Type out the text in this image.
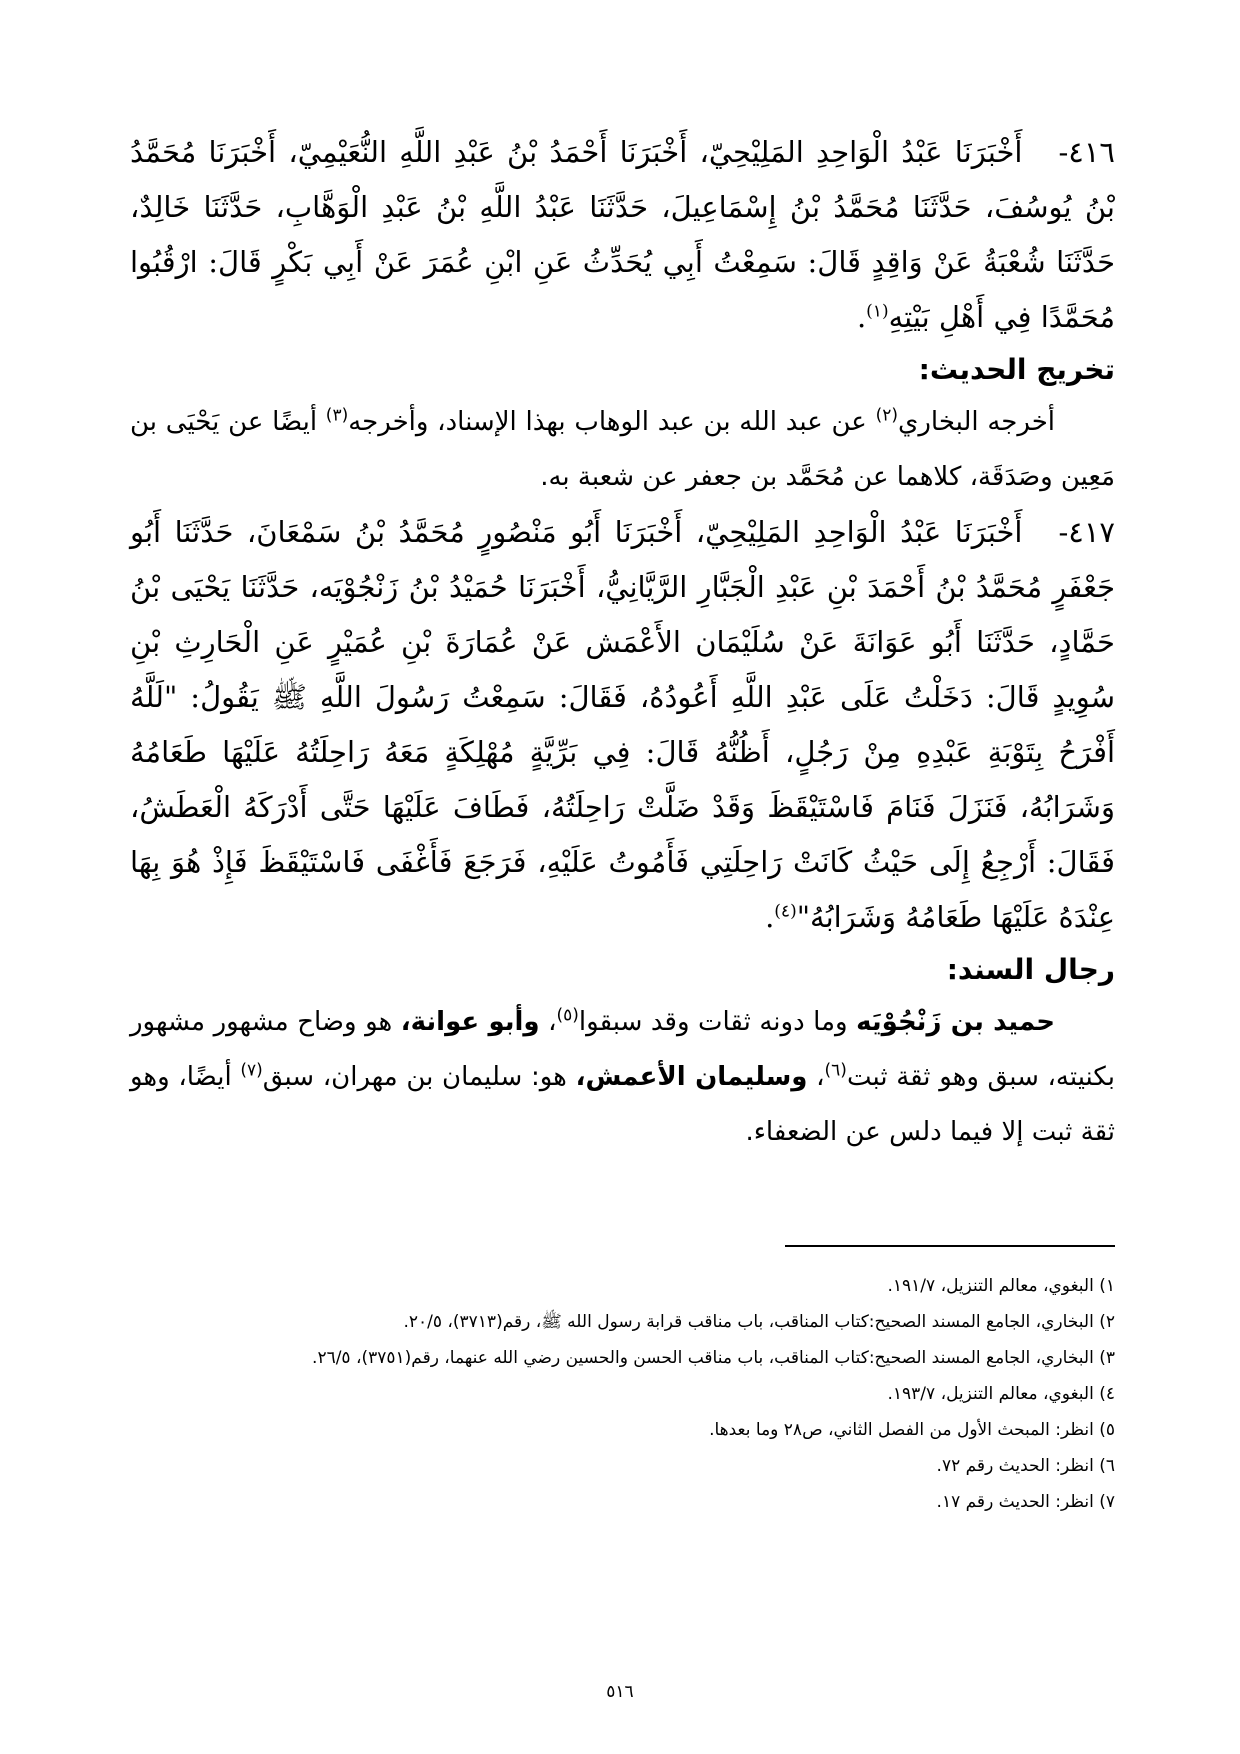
٤١٦-أَخْبَرَنَا عَبْدُ الْوَاحِدِ المَلِيْحِيّ، أَخْبَرَنَا أَحْمَدُ بْنُ عَبْدِ اللَّهِ النُّعَيْمِيّ، أَخْبَرَنَا مُحَمَّدُ بْنُ يُوسُفَ، حَدَّثَنَا مُحَمَّدُ بْنُ إِسْمَاعِيلَ، حَدَّثَنَا عَبْدُ اللَّهِ بْنُ عَبْدِ الْوَهَّابِ، حَدَّثَنَا خَالِدٌ، حَدَّثَنَا شُعْبَةُ عَنْ وَاقِدٍ قَالَ: سَمِعْتُ أَبِي يُحَدِّثُ عَنِ ابْنِ عُمَرَ عَنْ أَبِي بَكْرٍ قَالَ: ارْقُبُوا مُحَمَّدًا فِي أَهْلِ بَيْتِهِ$^{(١)}$.

تخريج الحديث:

أخرجه البخاري$^{(٢)}$ عن عبد الله بن عبد الوهاب بهذا الإسناد، وأخرجه$^{(٣)}$ أيضًا عن يَحْيَى بن مَعِين وصَدَقَة، كلاهما عن مُحَمَّد بن جعفر عن شعبة به.

٤١٧-أَخْبَرَنَا عَبْدُ الْوَاحِدِ المَلِيْحِيّ، أَخْبَرَنَا أَبُو مَنْصُورٍ مُحَمَّدُ بْنُ سَمْعَانَ، حَدَّثَنَا أَبُو جَعْفَرٍ مُحَمَّدُ بْنُ أَحْمَدَ بْنِ عَبْدِ الْجَبَّارِ الرَّيَّانِيُّ، أَخْبَرَنَا حُمَيْدُ بْنُ زَنْجُوْيَه، حَدَّثَنَا يَحْيَى بْنُ حَمَّادٍ، حَدَّثَنَا أَبُو عَوَانَةَ عَنْ سُلَيْمَان الأَعْمَش عَنْ عُمَارَةَ بْنِ عُمَيْرٍ عَنِ الْحَارِثِ بْنِ سُوِيدٍ قَالَ: دَخَلْتُ عَلَى عَبْدِ اللَّهِ أَعُودُهُ، فَقَالَ: سَمِعْتُ رَسُولَ اللَّهِ ﷺ يَقُولُ: "لَلَّهُ أَفْرَحُ بِتَوْبَةِ عَبْدِهِ مِنْ رَجُلٍ، أَظُنُّهُ قَالَ: فِي بَرِّيَّةٍ مُهْلِكَةٍ مَعَهُ رَاحِلَتُهُ عَلَيْهَا طَعَامُهُ وَشَرَابُهُ، فَنَزَلَ فَنَامَ فَاسْتَيْقَظَ وَقَدْ ضَلَّتْ رَاحِلَتُهُ، فَطَافَ عَلَيْهَا حَتَّى أَدْرَكَهُ الْعَطَشُ، فَقَالَ: أَرْجِعُ إِلَى حَيْثُ كَانَتْ رَاحِلَتِي فَأَمُوتُ عَلَيْهِ، فَرَجَعَ فَأَغْفَى فَاسْتَيْقَظَ فَإِذْ هُوَ بِهَا عِنْدَهُ عَلَيْهَا طَعَامُهُ وَشَرَابُهُ"$^{(٤)}$.

رجال السند:

حميد بن زَنْجُوْيَه وما دونه ثقات وقد سبقوا$^{(٥)}$، وأبو عوانة، هو وضاح مشهور مشهور بكنيته، سبق وهو ثقة ثبت$^{(٦)}$، وسليمان الأعمش، هو: سليمان بن مهران، سبق$^{(٧)}$ أيضًا، وهو ثقة ثبت إلا فيما دلس عن الضعفاء.

١) البغوي، معالم التنزيل، ١٩١/٧.

٢) البخاري، الجامع المسند الصحيح:كتاب المناقب، باب مناقب قرابة رسول الله ﷺ، رقم(٣٧١٣)، ٢٠/٥.

٣) البخاري، الجامع المسند الصحيح:كتاب المناقب، باب مناقب الحسن والحسين رضي الله عنهما، رقم(٣٧٥١)، ٢٦/٥.

٤) البغوي، معالم التنزيل، ١٩٣/٧.

٥) انظر: المبحث الأول من الفصل الثاني، ص٢٨ وما بعدها.

٦) انظر: الحديث رقم ٧٢.

٧) انظر: الحديث رقم ١٧.

٥١٦
